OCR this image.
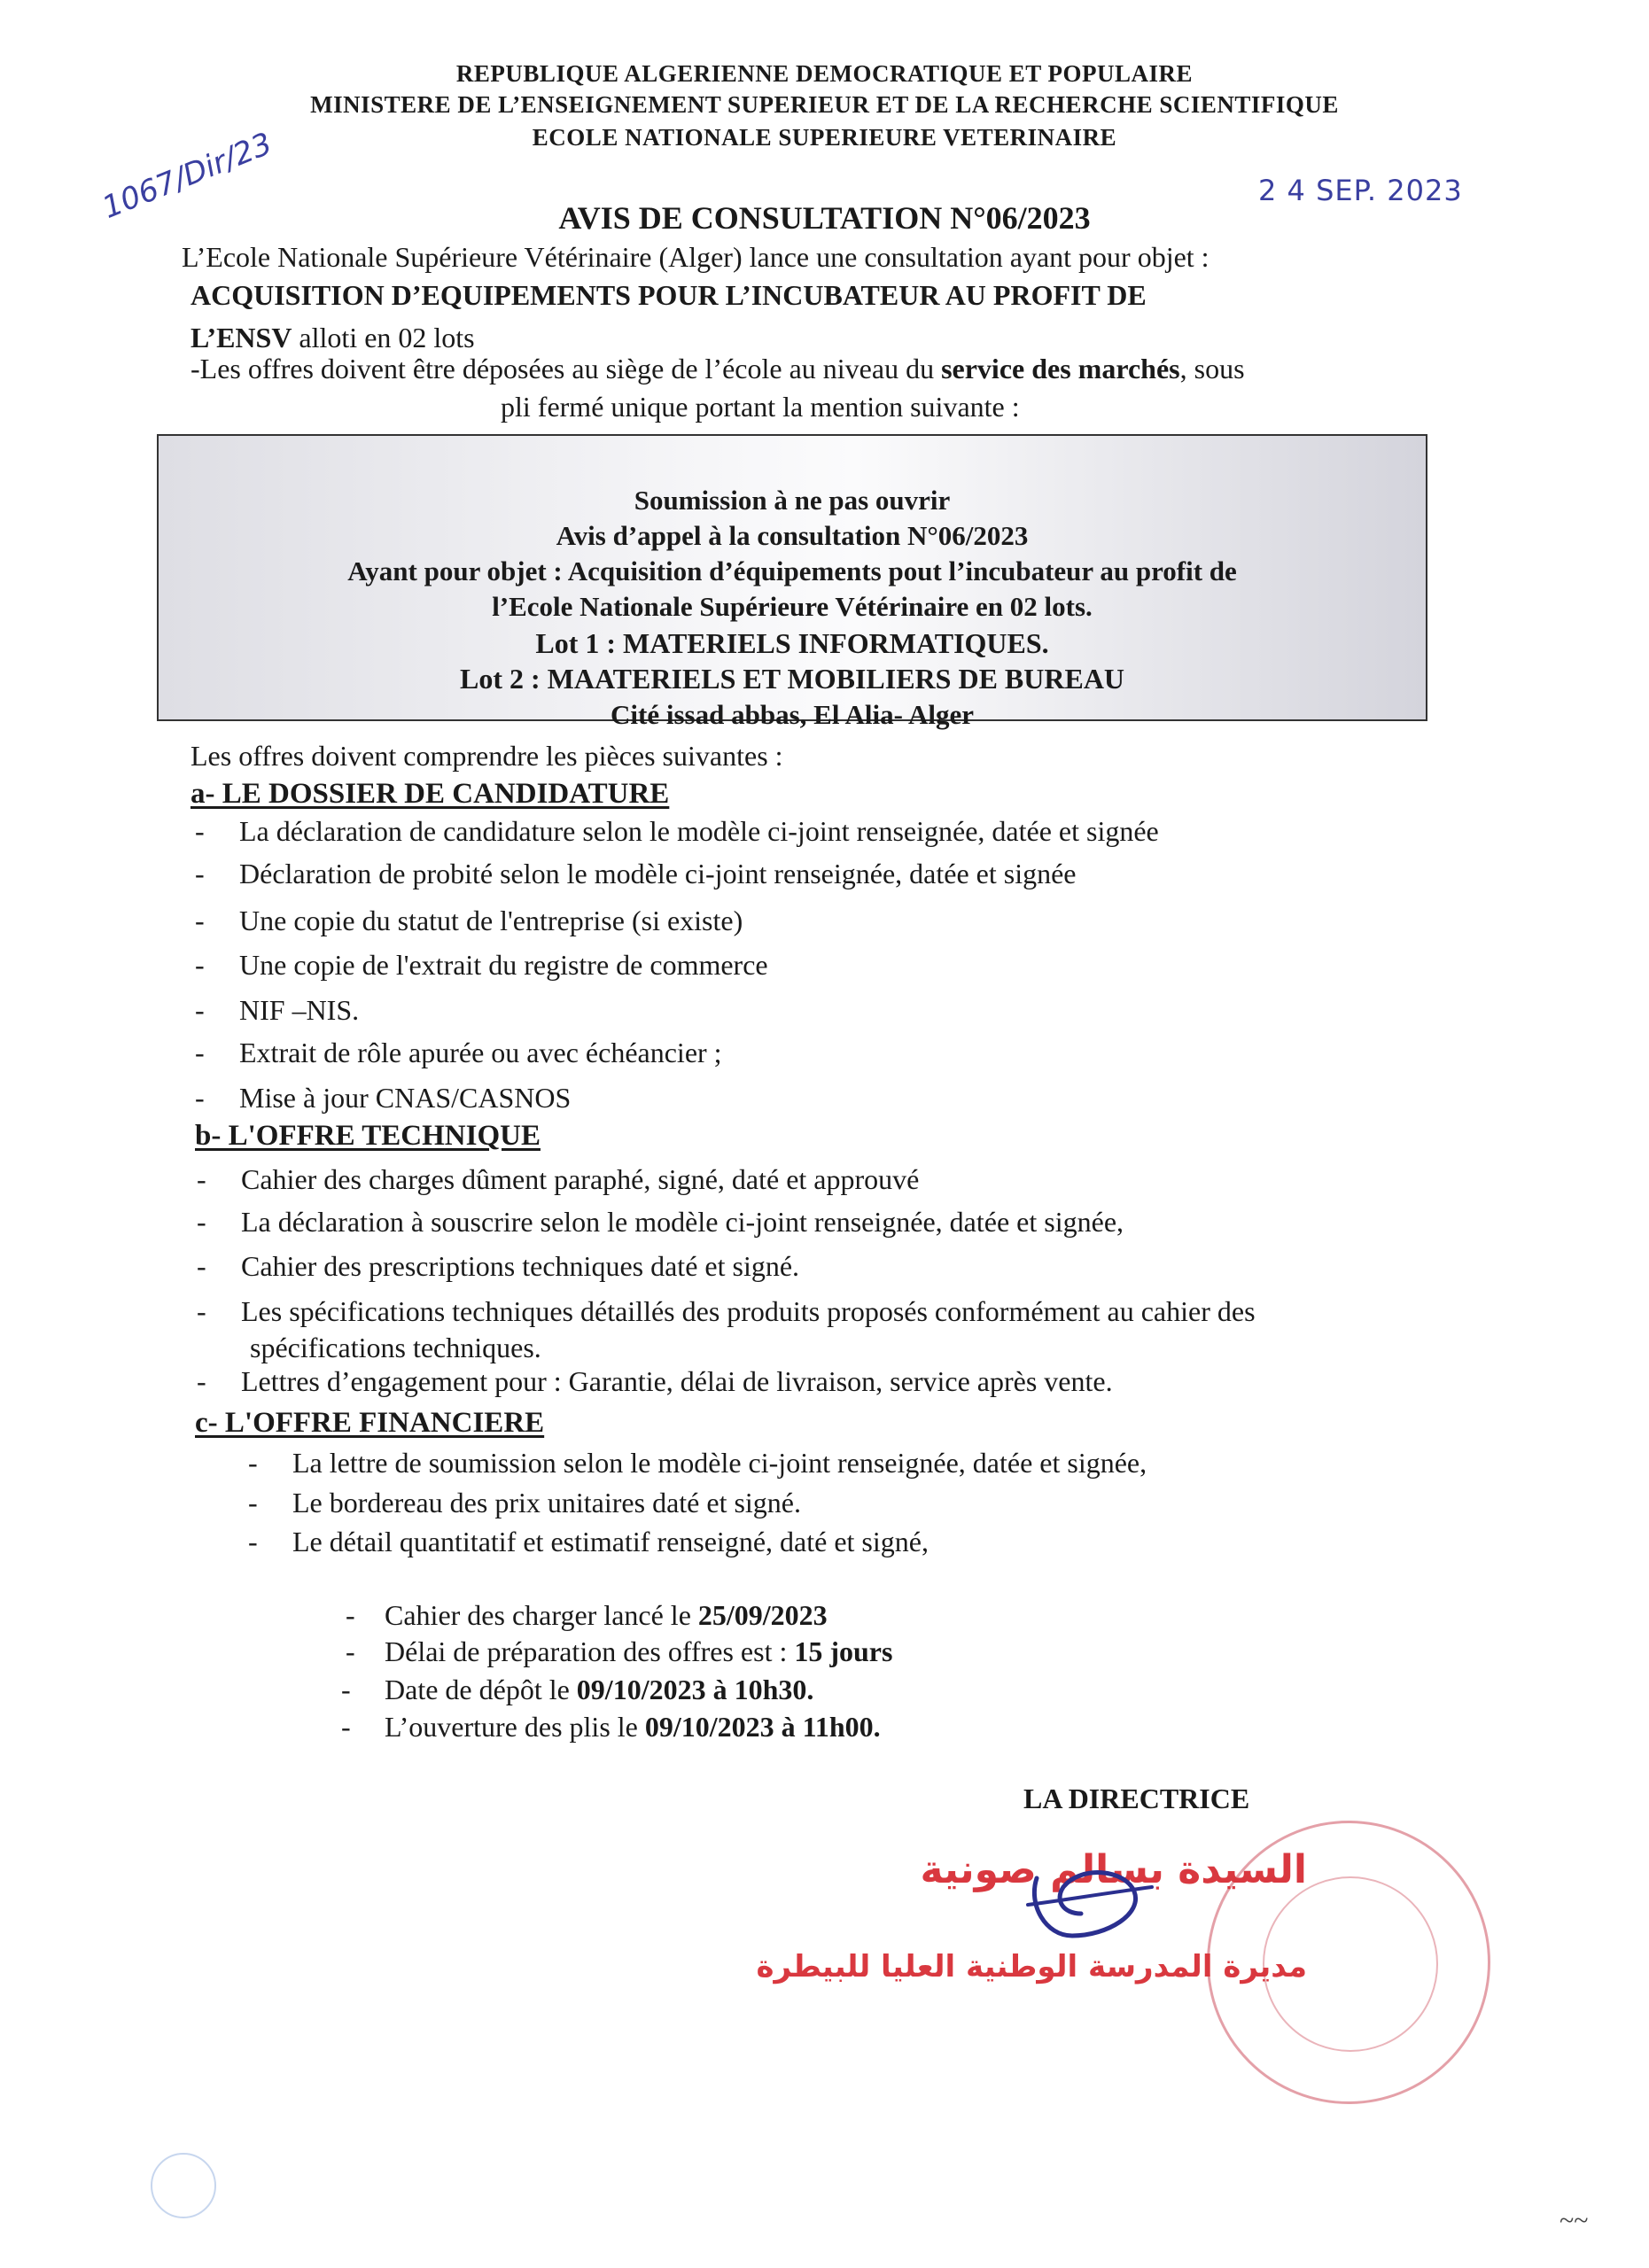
REPUBLIQUE ALGERIENNE DEMOCRATIQUE ET POPULAIRE

MINISTERE DE L’ENSEIGNEMENT SUPERIEUR ET DE LA RECHERCHE SCIENTIFIQUE

ECOLE NATIONALE SUPERIEURE VETERINAIRE

1067/Dir/23	2 4 SEP. 2023

AVIS DE CONSULTATION N°06/2023

L’Ecole Nationale Supérieure Vétérinaire (Alger) lance une consultation ayant pour objet :

ACQUISITION D’EQUIPEMENTS POUR L’INCUBATEUR AU PROFIT DE

L’ENSV alloti en 02 lots

-Les offres doivent être déposées au siège de l’école au niveau du service des marchés, sous

pli fermé unique portant la mention suivante :

Soumission à ne pas ouvrir

Avis d’appel à la consultation N°06/2023

Ayant pour objet : Acquisition d’équipements pout l’incubateur au profit de

l’Ecole Nationale Supérieure Vétérinaire en 02 lots.

Lot 1 : MATERIELS INFORMATIQUES.

Lot 2 : MAATERIELS ET MOBILIERS DE BUREAU

Cité issad abbas, El Alia- Alger

Les offres doivent comprendre les pièces suivantes :

a- LE DOSSIER DE CANDIDATURE

- La déclaration de candidature selon le modèle ci-joint renseignée, datée et signée

- Déclaration de probité selon le modèle ci-joint renseignée, datée et signée

- Une copie du statut de l'entreprise (si existe)

- Une copie de l'extrait du registre de commerce

- NIF –NIS.

- Extrait de rôle apurée ou avec échéancier ;

- Mise à jour CNAS/CASNOS

b- L'OFFRE TECHNIQUE

- Cahier des charges dûment paraphé, signé, daté et approuvé

- La déclaration à souscrire selon le modèle ci-joint renseignée, datée et signée,

- Cahier des prescriptions techniques daté et signé.

- Les spécifications techniques détaillés des produits proposés conformément au cahier des

spécifications techniques.

- Lettres d’engagement pour : Garantie, délai de livraison, service après vente.

c- L'OFFRE FINANCIERE

- La lettre de soumission selon le modèle ci-joint renseignée, datée et signée,

- Le bordereau des prix unitaires daté et signé.

- Le détail quantitatif et estimatif renseigné, daté et signé,

- Cahier des charger lancé le 25/09/2023

- Délai de préparation des offres est : 15 jours

- Date de dépôt le 09/10/2023 à 10h30.

- L’ouverture des plis le 09/10/2023 à 11h00.

LA DIRECTRICE

السيدة بسالم صونية

مديرة المدرسة الوطنية العليا للبيطرة

~~
